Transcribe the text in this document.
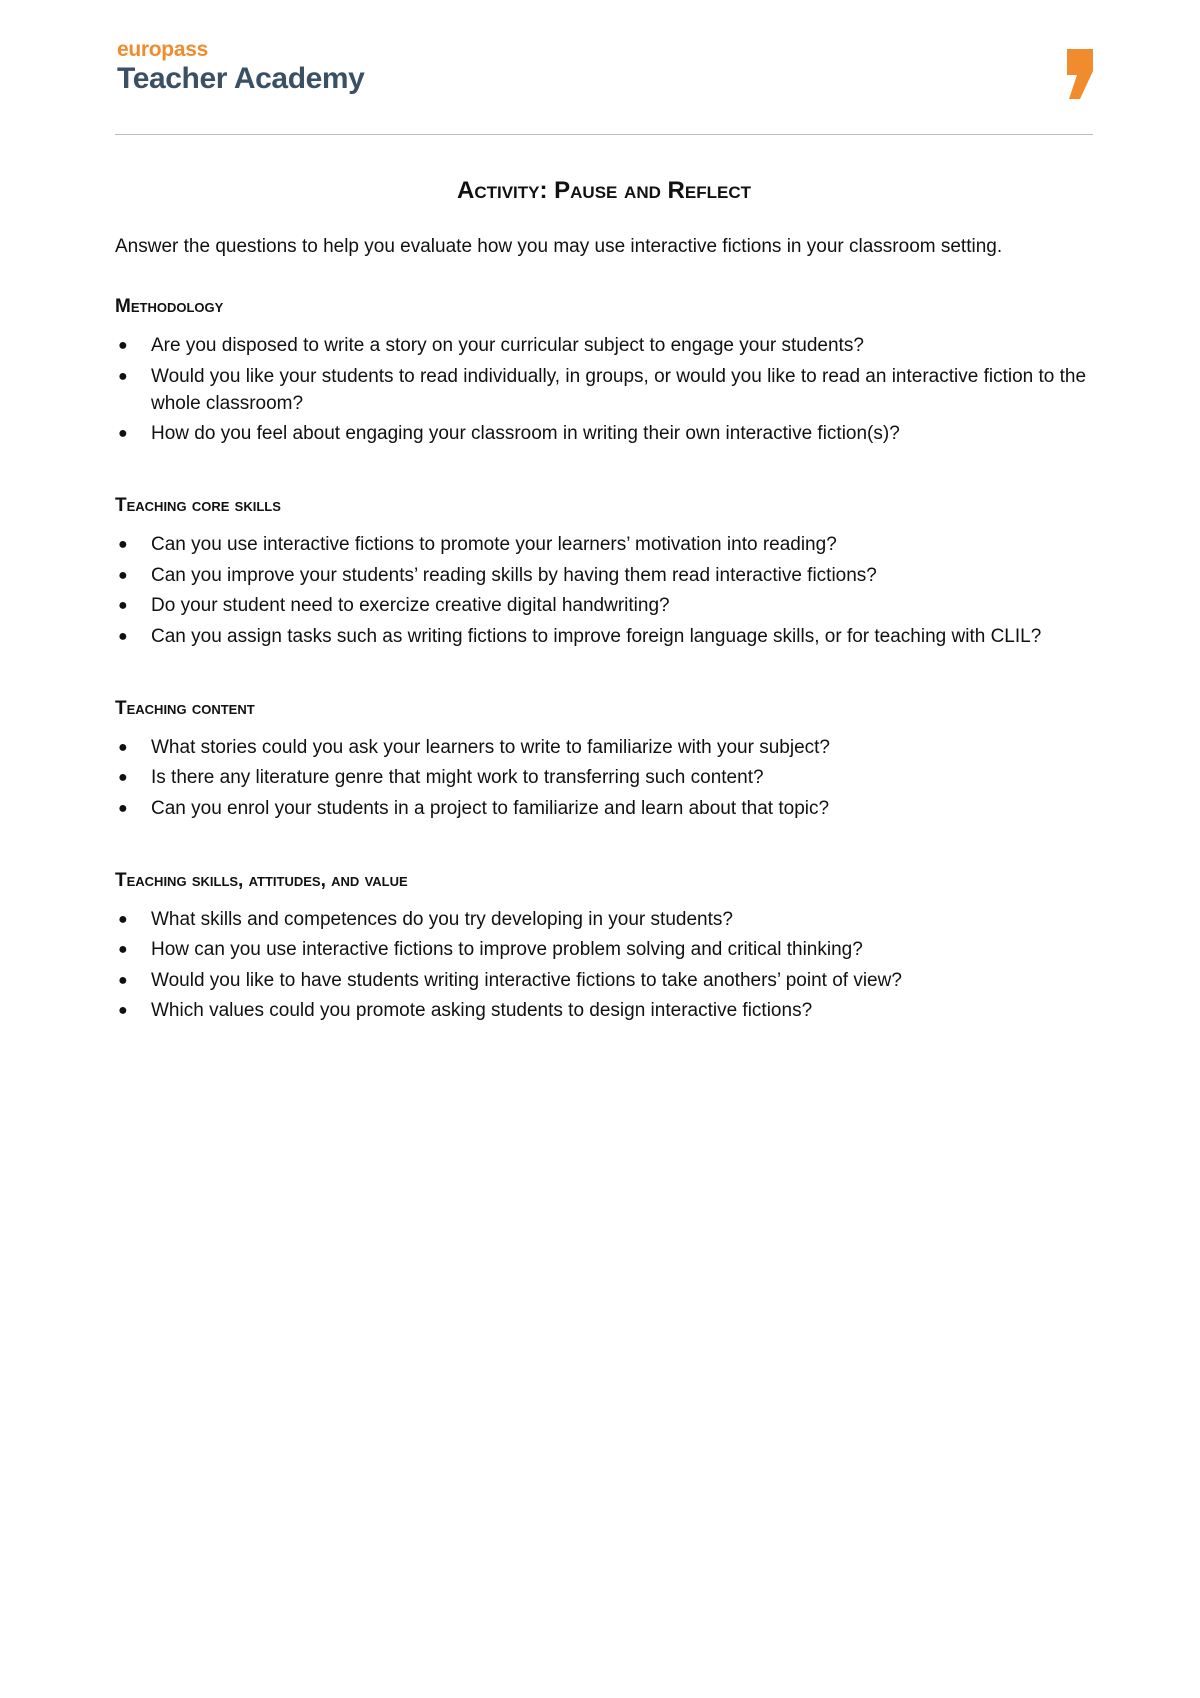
europass
Teacher Academy
Activity: Pause and Reflect

Answer the questions to help you evaluate how you may use interactive fictions in your classroom setting.

Methodology
● Are you disposed to write a story on your curricular subject to engage your students?
● Would you like your students to read individually, in groups, or would you like to read an interactive fiction to the whole classroom?
● How do you feel about engaging your classroom in writing their own interactive fiction(s)?
Teaching core skills
● Can you use interactive fictions to promote your learners’ motivation into reading?
● Can you improve your students’ reading skills by having them read interactive fictions?
● Do your student need to exercize creative digital handwriting?
● Can you assign tasks such as writing fictions to improve foreign language skills, or for teaching with CLIL?
Teaching content
● What stories could you ask your learners to write to familiarize with your subject?
● Is there any literature genre that might work to transferring such content?
● Can you enrol your students in a project to familiarize and learn about that topic?
Teaching skills, attitudes, and value
● What skills and competences do you try developing in your students?
● How can you use interactive fictions to improve problem solving and critical thinking?
● Would you like to have students writing interactive fictions to take anothers’ point of view?
● Which values could you promote asking students to design interactive fictions?
